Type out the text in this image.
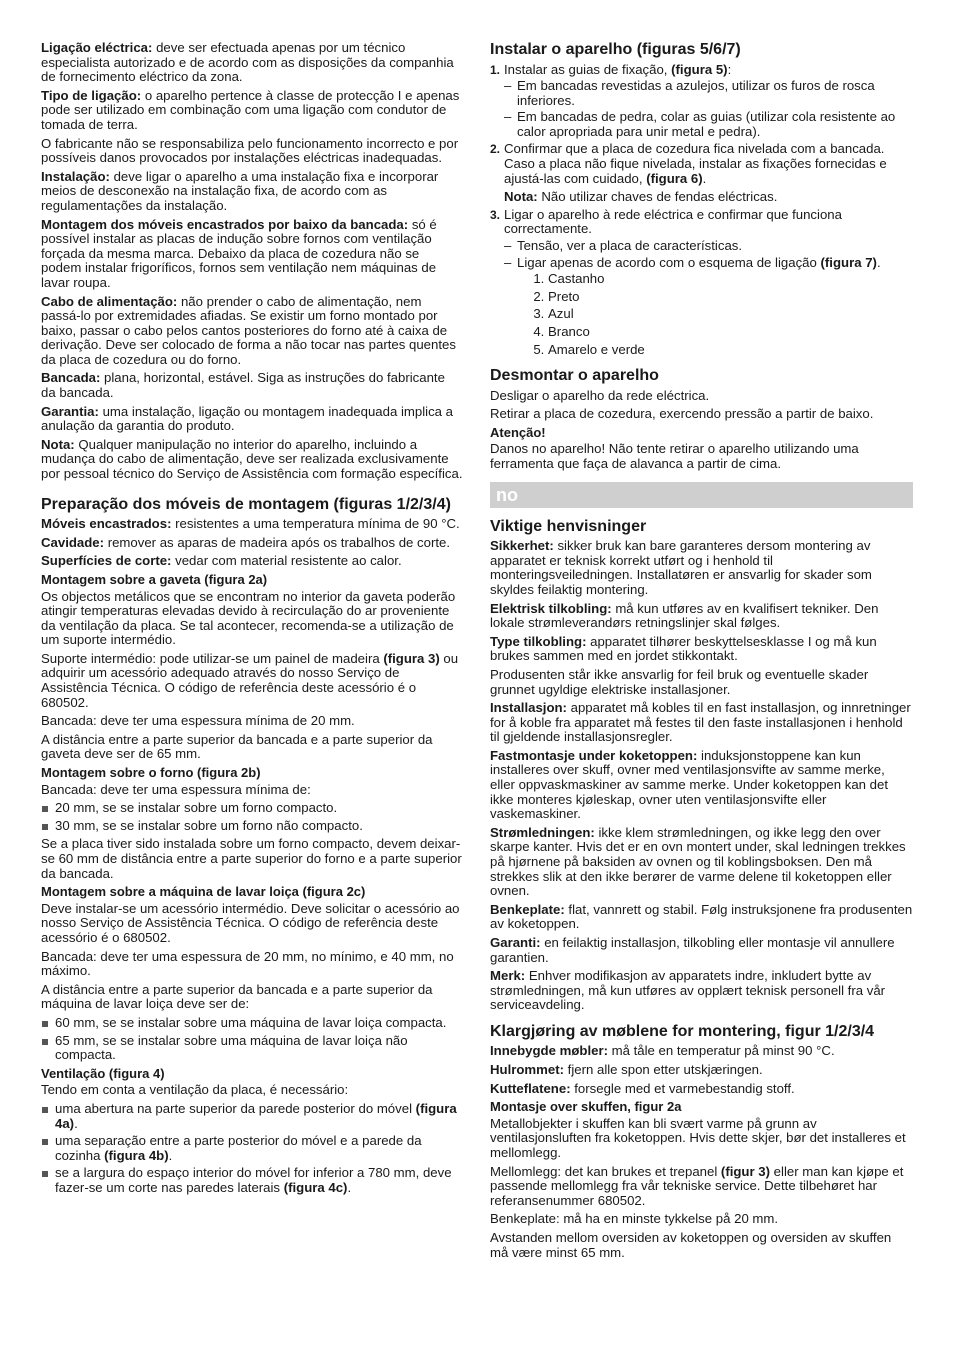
Ligação eléctrica: deve ser efectuada apenas por um técnico especialista autorizado e de acordo com as disposições da companhia de fornecimento eléctrico da zona.

Tipo de ligação: o aparelho pertence à classe de protecção I e apenas pode ser utilizado em combinação com uma ligação com condutor de tomada de terra.

O fabricante não se responsabiliza pelo funcionamento incorrecto e por possíveis danos provocados por instalações eléctricas inadequadas.

Instalação: deve ligar o aparelho a uma instalação fixa e incorporar meios de desconexão na instalação fixa, de acordo com as regulamentações da instalação.

Montagem dos móveis encastrados por baixo da bancada: só é possível instalar as placas de indução sobre fornos com ventilação forçada da mesma marca. Debaixo da placa de cozedura não se podem instalar frigoríficos, fornos sem ventilação nem máquinas de lavar roupa.

Cabo de alimentação: não prender o cabo de alimentação, nem passá-lo por extremidades afiadas. Se existir um forno montado por baixo, passar o cabo pelos cantos posteriores do forno até à caixa de derivação. Deve ser colocado de forma a não tocar nas partes quentes da placa de cozedura ou do forno.

Bancada: plana, horizontal, estável. Siga as instruções do fabricante da bancada.

Garantia: uma instalação, ligação ou montagem inadequada implica a anulação da garantia do produto.

Nota: Qualquer manipulação no interior do aparelho, incluindo a mudança do cabo de alimentação, deve ser realizada exclusivamente por pessoal técnico do Serviço de Assistência com formação específica.

Preparação dos móveis de montagem (figuras 1/2/3/4)

Móveis encastrados: resistentes a uma temperatura mínima de 90 °C.

Cavidade: remover as aparas de madeira após os trabalhos de corte.

Superfícies de corte: vedar com material resistente ao calor.

Montagem sobre a gaveta (figura 2a)

Os objectos metálicos que se encontram no interior da gaveta poderão atingir temperaturas elevadas devido à recirculação do ar proveniente da ventilação da placa. Se tal acontecer, recomenda-se a utilização de um suporte intermédio.

Suporte intermédio: pode utilizar-se um painel de madeira (figura 3) ou adquirir um acessório adequado através do nosso Serviço de Assistência Técnica. O código de referência deste acessório é o 680502.

Bancada: deve ter uma espessura mínima de 20 mm.

A distância entre a parte superior da bancada e a parte superior da gaveta deve ser de 65 mm.

Montagem sobre o forno (figura 2b)

Bancada: deve ter uma espessura mínima de:

20 mm, se se instalar sobre um forno compacto.
30 mm, se se instalar sobre um forno não compacto.

Se a placa tiver sido instalada sobre um forno compacto, devem deixar-se 60 mm de distância entre a parte superior do forno e a parte superior da bancada.

Montagem sobre a máquina de lavar loiça (figura 2c)

Deve instalar-se um acessório intermédio. Deve solicitar o acessório ao nosso Serviço de Assistência Técnica. O código de referência deste acessório é o 680502.

Bancada: deve ter uma espessura de 20 mm, no mínimo, e 40 mm, no máximo.

A distância entre a parte superior da bancada e a parte superior da máquina de lavar loiça deve ser de:

60 mm, se se instalar sobre uma máquina de lavar loiça compacta.
65 mm, se se instalar sobre uma máquina de lavar loiça não compacta.
Ventilação (figura 4)

Tendo em conta a ventilação da placa, é necessário:

uma abertura na parte superior da parede posterior do móvel (figura 4a).
uma separação entre a parte posterior do móvel e a parede da cozinha (figura 4b).
se a largura do espaço interior do móvel for inferior a 780 mm, deve fazer-se um corte nas paredes laterais (figura 4c).
Instalar o aparelho (figuras 5/6/7)
1. Instalar as guias de fixação, (figura 5):
– Em bancadas revestidas a azulejos, utilizar os furos de rosca inferiores.
– Em bancadas de pedra, colar as guias (utilizar cola resistente ao calor apropriada para unir metal e pedra).
2. Confirmar que a placa de cozedura fica nivelada com a bancada. Caso a placa não fique nivelada, instalar as fixações fornecidas e ajustá-las com cuidado, (figura 6).
Nota: Não utilizar chaves de fendas eléctricas.
3. Ligar o aparelho à rede eléctrica e confirmar que funciona correctamente.
– Tensão, ver a placa de características.
– Ligar apenas de acordo com o esquema de ligação (figura 7).
1. Castanho
2. Preto
3. Azul
4. Branco
5. Amarelo e verde
Desmontar o aparelho

Desligar o aparelho da rede eléctrica.

Retirar a placa de cozedura, exercendo pressão a partir de baixo.

Atenção!

Danos no aparelho! Não tente retirar o aparelho utilizando uma ferramenta que faça de alavanca a partir de cima.

no
Viktige henvisninger

Sikkerhet: sikker bruk kan bare garanteres dersom montering av apparatet er teknisk korrekt utført og i henhold til monteringsveiledningen. Installatøren er ansvarlig for skader som skyldes feilaktig montering.

Elektrisk tilkobling: må kun utføres av en kvalifisert tekniker. Den lokale strømleverandørs retningslinjer skal følges.

Type tilkobling: apparatet tilhører beskyttelsesklasse I og må kun brukes sammen med en jordet stikkontakt.

Produsenten står ikke ansvarlig for feil bruk og eventuelle skader grunnet ugyldige elektriske installasjoner.

Installasjon: apparatet må kobles til en fast installasjon, og innretninger for å koble fra apparatet må festes til den faste installasjonen i henhold til gjeldende installasjonsregler.

Fastmontasje under koketoppen: induksjonstoppene kan kun installeres over skuff, ovner med ventilasjonsvifte av samme merke, eller oppvaskmaskiner av samme merke. Under koketoppen kan det ikke monteres kjøleskap, ovner uten ventilasjonsvifte eller vaskemaskiner.

Strømledningen: ikke klem strømledningen, og ikke legg den over skarpe kanter. Hvis det er en ovn montert under, skal ledningen trekkes på hjørnene på baksiden av ovnen og til koblingsboksen. Den må strekkes slik at den ikke berører de varme delene til koketoppen eller ovnen.

Benkeplate: flat, vannrett og stabil. Følg instruksjonene fra produsenten av koketoppen.

Garanti: en feilaktig installasjon, tilkobling eller montasje vil annullere garantien.

Merk: Enhver modifikasjon av apparatets indre, inkludert bytte av strømledningen, må kun utføres av opplært teknisk personell fra vår serviceavdeling.

Klargjøring av møblene for montering, figur 1/2/3/4

Innebygde møbler: må tåle en temperatur på minst 90 °C.

Hulrommet: fjern alle spon etter utskjæringen.

Kutteflatene: forsegle med et varmebestandig stoff.

Montasje over skuffen, figur 2a

Metallobjekter i skuffen kan bli svært varme på grunn av ventilasjonsluften fra koketoppen. Hvis dette skjer, bør det installeres et mellomlegg.

Mellomlegg: det kan brukes et trepanel (figur 3) eller man kan kjøpe et passende mellomlegg fra vår tekniske service. Dette tilbehøret har referansenummer 680502.

Benkeplate: må ha en minste tykkelse på 20 mm.

Avstanden mellom oversiden av koketoppen og oversiden av skuffen må være minst 65 mm.
